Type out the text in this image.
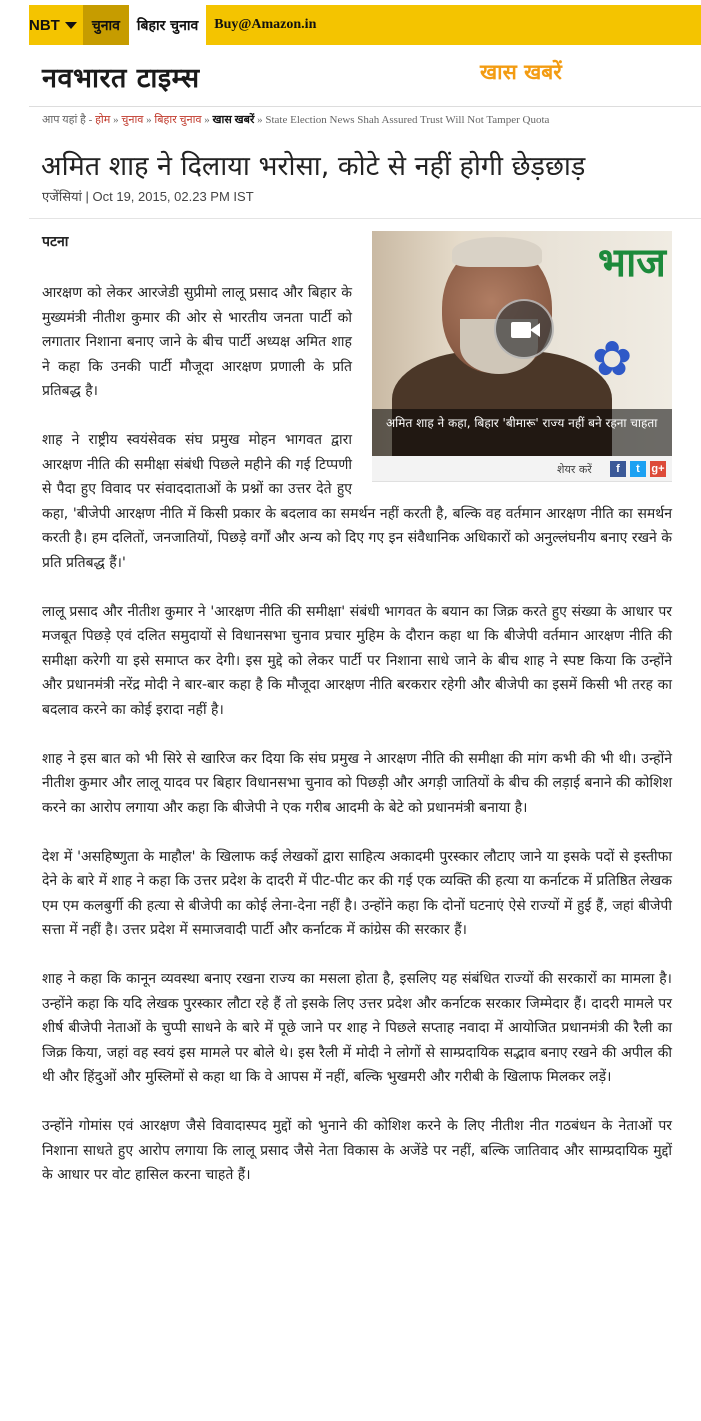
NBT	चुनाव	बिहार चुनाव	Buy@Amazon.in
नवभारत टाइम्स	खास खबरें
आप यहां है - होम » चुनाव » बिहार चुनाव » खास खबरें » State Election News Shah Assured Trust Will Not Tamper Quota
अमित शाह ने दिलाया भरोसा, कोटे से नहीं होगी छेड़छाड़
एजेंसियां | Oct 19, 2015, 02.23 PM IST
पटना	भाज
✿
अमित शाह ने कहा, बिहार 'बीमारू' राज्य नहीं बने रहना चाहता
शेयर करें	f	t	g+

आरक्षण को लेकर आरजेडी सुप्रीमो लालू प्रसाद और बिहार के मुख्यमंत्री नीतीश कुमार की ओर से भारतीय जनता पार्टी को लगातार निशाना बनाए जाने के बीच पार्टी अध्यक्ष अमित शाह ने कहा कि उनकी पार्टी मौजूदा आरक्षण प्रणाली के प्रति प्रतिबद्ध है।

शाह ने राष्ट्रीय स्वयंसेवक संघ प्रमुख मोहन भागवत द्वारा आरक्षण नीति की समीक्षा संबंधी पिछले महीने की गई टिप्पणी से पैदा हुए विवाद पर संवाददाताओं के प्रश्नों का उत्तर देते हुए कहा, 'बीजेपी आरक्षण नीति में किसी प्रकार के बदलाव का समर्थन नहीं करती है, बल्कि वह वर्तमान आरक्षण नीति का समर्थन करती है। हम दलितों, जनजातियों, पिछड़े वर्गों और अन्य को दिए गए इन संवैधानिक अधिकारों को अनुल्लंघनीय बनाए रखने के प्रति प्रतिबद्ध हैं।'

लालू प्रसाद और नीतीश कुमार ने 'आरक्षण नीति की समीक्षा' संबंधी भागवत के बयान का जिक्र करते हुए संख्या के आधार पर मजबूत पिछड़े एवं दलित समुदायों से विधानसभा चुनाव प्रचार मुहिम के दौरान कहा था कि बीजेपी वर्तमान आरक्षण नीति की समीक्षा करेगी या इसे समाप्त कर देगी। इस मुद्दे को लेकर पार्टी पर निशाना साधे जाने के बीच शाह ने स्पष्ट किया कि उन्होंने और प्रधानमंत्री नरेंद्र मोदी ने बार-बार कहा है कि मौजूदा आरक्षण नीति बरकरार रहेगी और बीजेपी का इसमें किसी भी तरह का बदलाव करने का कोई इरादा नहीं है।

शाह ने इस बात को भी सिरे से खारिज कर दिया कि संघ प्रमुख ने आरक्षण नीति की समीक्षा की मांग कभी की भी थी। उन्होंने नीतीश कुमार और लालू यादव पर बिहार विधानसभा चुनाव को पिछड़ी और अगड़ी जातियों के बीच की लड़ाई बनाने की कोशिश करने का आरोप लगाया और कहा कि बीजेपी ने एक गरीब आदमी के बेटे को प्रधानमंत्री बनाया है।

देश में 'असहिष्णुता के माहौल' के खिलाफ कई लेखकों द्वारा साहित्य अकादमी पुरस्कार लौटाए जाने या इसके पदों से इस्तीफा देने के बारे में शाह ने कहा कि उत्तर प्रदेश के दादरी में पीट-पीट कर की गई एक व्यक्ति की हत्या या कर्नाटक में प्रतिष्ठित लेखक एम एम कलबुर्गी की हत्या से बीजेपी का कोई लेना-देना नहीं है। उन्होंने कहा कि दोनों घटनाएं ऐसे राज्यों में हुई हैं, जहां बीजेपी सत्ता में नहीं है। उत्तर प्रदेश में समाजवादी पार्टी और कर्नाटक में कांग्रेस की सरकार हैं।

शाह ने कहा कि कानून व्यवस्था बनाए रखना राज्य का मसला होता है, इसलिए यह संबंधित राज्यों की सरकारों का मामला है। उन्होंने कहा कि यदि लेखक पुरस्कार लौटा रहे हैं तो इसके लिए उत्तर प्रदेश और कर्नाटक सरकार जिम्मेदार हैं। दादरी मामले पर शीर्ष बीजेपी नेताओं के चुप्पी साधने के बारे में पूछे जाने पर शाह ने पिछले सप्ताह नवादा में आयोजित प्रधानमंत्री की रैली का जिक्र किया, जहां वह स्वयं इस मामले पर बोले थे। इस रैली में मोदी ने लोगों से साम्प्रदायिक सद्भाव बनाए रखने की अपील की थी और हिंदुओं और मुस्लिमों से कहा था कि वे आपस में नहीं, बल्कि भुखमरी और गरीबी के खिलाफ मिलकर लड़ें।

उन्होंने गोमांस एवं आरक्षण जैसे विवादास्पद मुद्दों को भुनाने की कोशिश करने के लिए नीतीश नीत गठबंधन के नेताओं पर निशाना साधते हुए आरोप लगाया कि लालू प्रसाद जैसे नेता विकास के अजेंडे पर नहीं, बल्कि जातिवाद और साम्प्रदायिक मुद्दों के आधार पर वोट हासिल करना चाहते हैं।
